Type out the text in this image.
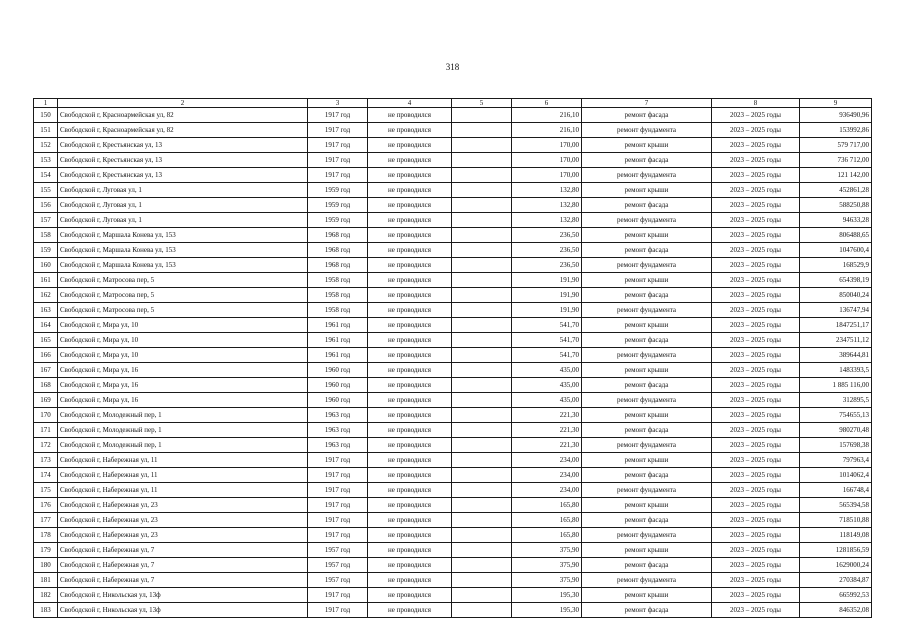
318
1	2	3	4	5	6	7	8	9
150	Свободской г, Красноармейская ул, 82	1917 год	не проводился		216,10	ремонт фасада	2023 – 2025 годы	936490,96
151	Свободской г, Красноармейская ул, 82	1917 год	не проводился		216,10	ремонт фундамента	2023 – 2025 годы	153992,86
152	Свободской г, Крестьянская ул, 13	1917 год	не проводился		170,00	ремонт крыши	2023 – 2025 годы	579 717,00
153	Свободской г, Крестьянская ул, 13	1917 год	не проводился		170,00	ремонт фасада	2023 – 2025 годы	736 712,00
154	Свободской г, Крестьянская ул, 13	1917 год	не проводился		170,00	ремонт фундамента	2023 – 2025 годы	121 142,00
155	Свободской г, Луговая ул, 1	1959 год	не проводился		132,80	ремонт крыши	2023 – 2025 годы	452861,28
156	Свободской г, Луговая ул, 1	1959 год	не проводился		132,80	ремонт фасада	2023 – 2025 годы	588250,88
157	Свободской г, Луговая ул, 1	1959 год	не проводился		132,80	ремонт фундамента	2023 – 2025 годы	94633,28
158	Свободской г, Маршала Конева ул, 153	1968 год	не проводился		236,50	ремонт крыши	2023 – 2025 годы	806488,65
159	Свободской г, Маршала Конева ул, 153	1968 год	не проводился		236,50	ремонт фасада	2023 – 2025 годы	1047600,4
160	Свободской г, Маршала Конева ул, 153	1968 год	не проводился		236,50	ремонт фундамента	2023 – 2025 годы	168529,9
161	Свободской г, Матросова пер, 5	1958 год	не проводился		191,90	ремонт крыши	2023 – 2025 годы	654398,19
162	Свободской г, Матросова пер, 5	1958 год	не проводился		191,90	ремонт фасада	2023 – 2025 годы	850040,24
163	Свободской г, Матросова пер, 5	1958 год	не проводился		191,90	ремонт фундамента	2023 – 2025 годы	136747,94
164	Свободской г, Мира ул, 10	1961 год	не проводился		541,70	ремонт крыши	2023 – 2025 годы	1847251,17
165	Свободской г, Мира ул, 10	1961 год	не проводился		541,70	ремонт фасада	2023 – 2025 годы	2347511,12
166	Свободской г, Мира ул, 10	1961 год	не проводился		541,70	ремонт фундамента	2023 – 2025 годы	389644,81
167	Свободской г, Мира ул, 16	1960 год	не проводился		435,00	ремонт крыши	2023 – 2025 годы	1483393,5
168	Свободской г, Мира ул, 16	1960 год	не проводился		435,00	ремонт фасада	2023 – 2025 годы	1 885 116,00
169	Свободской г, Мира ул, 16	1960 год	не проводился		435,00	ремонт фундамента	2023 – 2025 годы	312895,5
170	Свободской г, Молодежный пер, 1	1963 год	не проводился		221,30	ремонт крыши	2023 – 2025 годы	754655,13
171	Свободской г, Молодежный пер, 1	1963 год	не проводился		221,30	ремонт фасада	2023 – 2025 годы	980270,48
172	Свободской г, Молодежный пер, 1	1963 год	не проводился		221,30	ремонт фундамента	2023 – 2025 годы	157698,38
173	Свободской г, Набережная ул, 11	1917 год	не проводился		234,00	ремонт крыши	2023 – 2025 годы	797963,4
174	Свободской г, Набережная ул, 11	1917 год	не проводился		234,00	ремонт фасада	2023 – 2025 годы	1014062,4
175	Свободской г, Набережная ул, 11	1917 год	не проводился		234,00	ремонт фундамента	2023 – 2025 годы	166748,4
176	Свободской г, Набережная ул, 23	1917 год	не проводился		165,80	ремонт крыши	2023 – 2025 годы	565394,58
177	Свободской г, Набережная ул, 23	1917 год	не проводился		165,80	ремонт фасада	2023 – 2025 годы	718510,88
178	Свободской г, Набережная ул, 23	1917 год	не проводился		165,80	ремонт фундамента	2023 – 2025 годы	118149,08
179	Свободской г, Набережная ул, 7	1957 год	не проводился		375,90	ремонт крыши	2023 – 2025 годы	1281856,59
180	Свободской г, Набережная ул, 7	1957 год	не проводился		375,90	ремонт фасада	2023 – 2025 годы	1629000,24
181	Свободской г, Набережная ул, 7	1957 год	не проводился		375,90	ремонт фундамента	2023 – 2025 годы	270384,87
182	Свободской г, Никольская ул, 13ф	1917 год	не проводился		195,30	ремонт крыши	2023 – 2025 годы	665992,53
183	Свободской г, Никольская ул, 13ф	1917 год	не проводился		195,30	ремонт фасада	2023 – 2025 годы	846352,08
